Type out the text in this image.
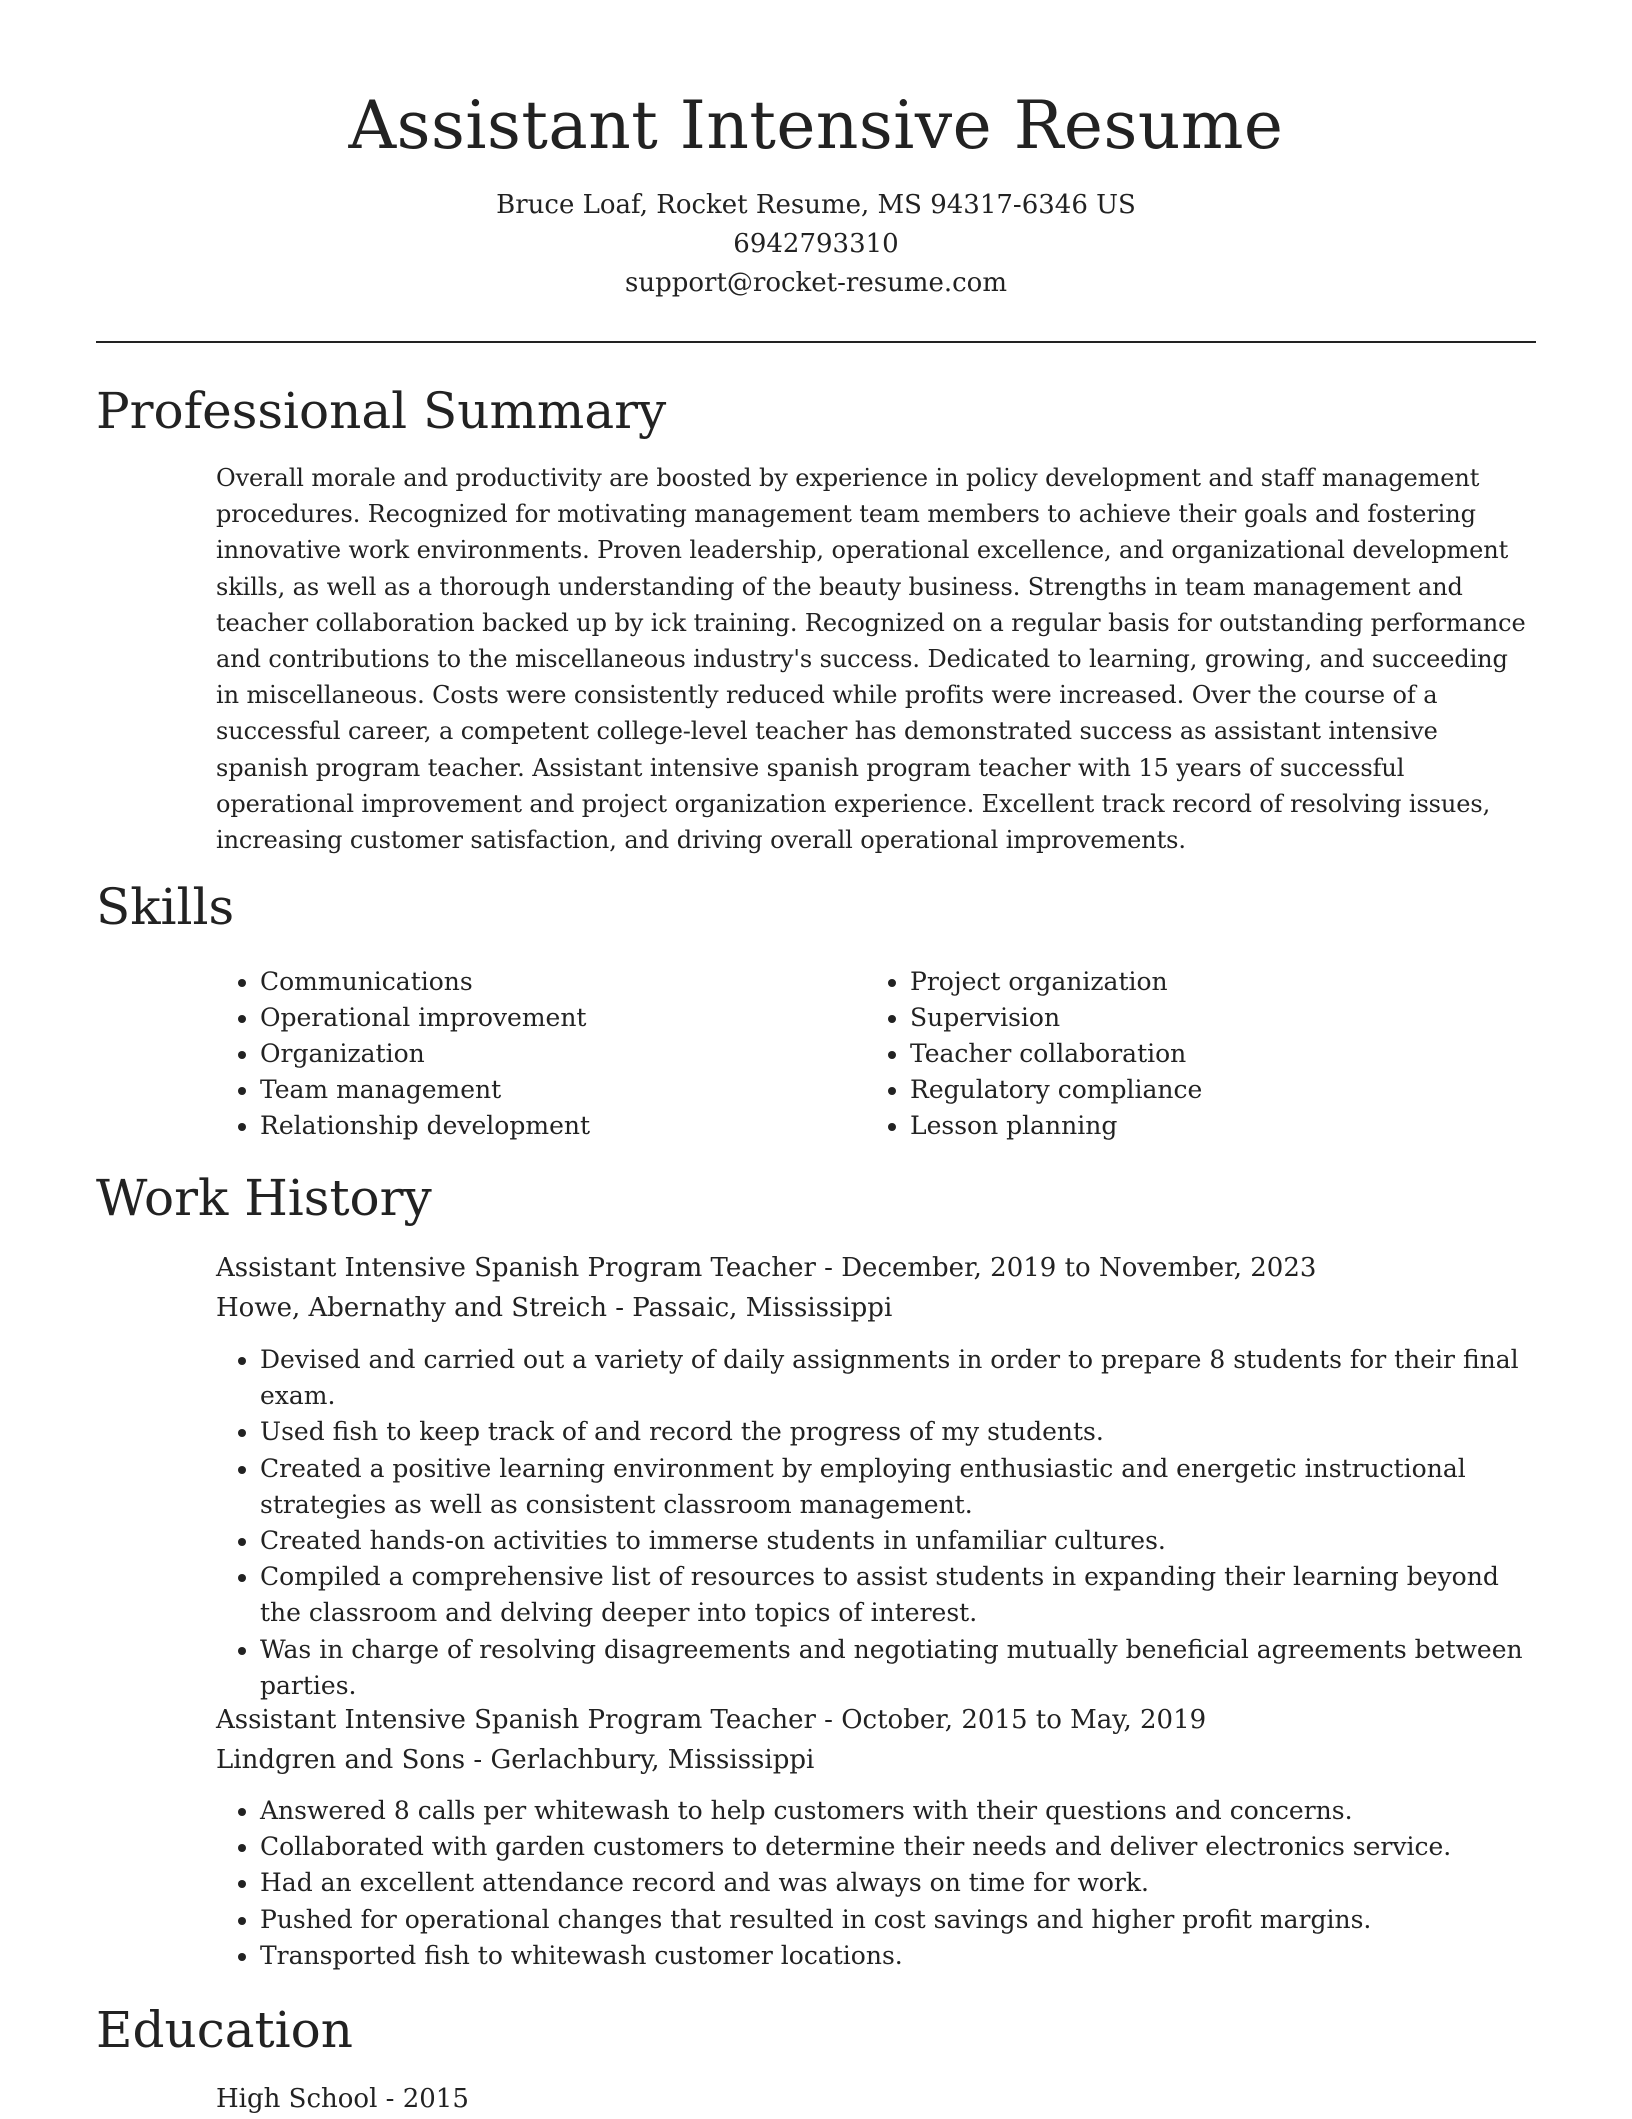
Assistant Intensive Resume

Bruce Loaf, Rocket Resume, MS 94317-6346 US

6942793310

support@rocket-resume.com

Professional Summary

Overall morale and productivity are boosted by experience in policy development and staff management procedures. Recognized for motivating management team members to achieve their goals and fostering innovative work environments. Proven leadership, operational excellence, and organizational development skills, as well as a thorough understanding of the beauty business. Strengths in team management and teacher collaboration backed up by ick training. Recognized on a regular basis for outstanding performance and contributions to the miscellaneous industry's success. Dedicated to learning, growing, and succeeding in miscellaneous. Costs were consistently reduced while profits were increased. Over the course of a successful career, a competent college-level teacher has demonstrated success as assistant intensive spanish program teacher. Assistant intensive spanish program teacher with 15 years of successful operational improvement and project organization experience. Excellent track record of resolving issues, increasing customer satisfaction, and driving overall operational improvements.

Skills
• Communications
• Operational improvement
• Organization
• Team management
• Relationship development
• Project organization
• Supervision
• Teacher collaboration
• Regulatory compliance
• Lesson planning
Work History

Assistant Intensive Spanish Program Teacher - December, 2019 to November, 2023

Howe, Abernathy and Streich - Passaic, Mississippi

• Devised and carried out a variety of daily assignments in order to prepare 8 students for their final exam.
• Used fish to keep track of and record the progress of my students.
• Created a positive learning environment by employing enthusiastic and energetic instructional strategies as well as consistent classroom management.
• Created hands-on activities to immerse students in unfamiliar cultures.
• Compiled a comprehensive list of resources to assist students in expanding their learning beyond the classroom and delving deeper into topics of interest.
• Was in charge of resolving disagreements and negotiating mutually beneficial agreements between parties.

Assistant Intensive Spanish Program Teacher - October, 2015 to May, 2019

Lindgren and Sons - Gerlachbury, Mississippi

• Answered 8 calls per whitewash to help customers with their questions and concerns.
• Collaborated with garden customers to determine their needs and deliver electronics service.
• Had an excellent attendance record and was always on time for work.
• Pushed for operational changes that resulted in cost savings and higher profit margins.
• Transported fish to whitewash customer locations.
Education

High School - 2015
